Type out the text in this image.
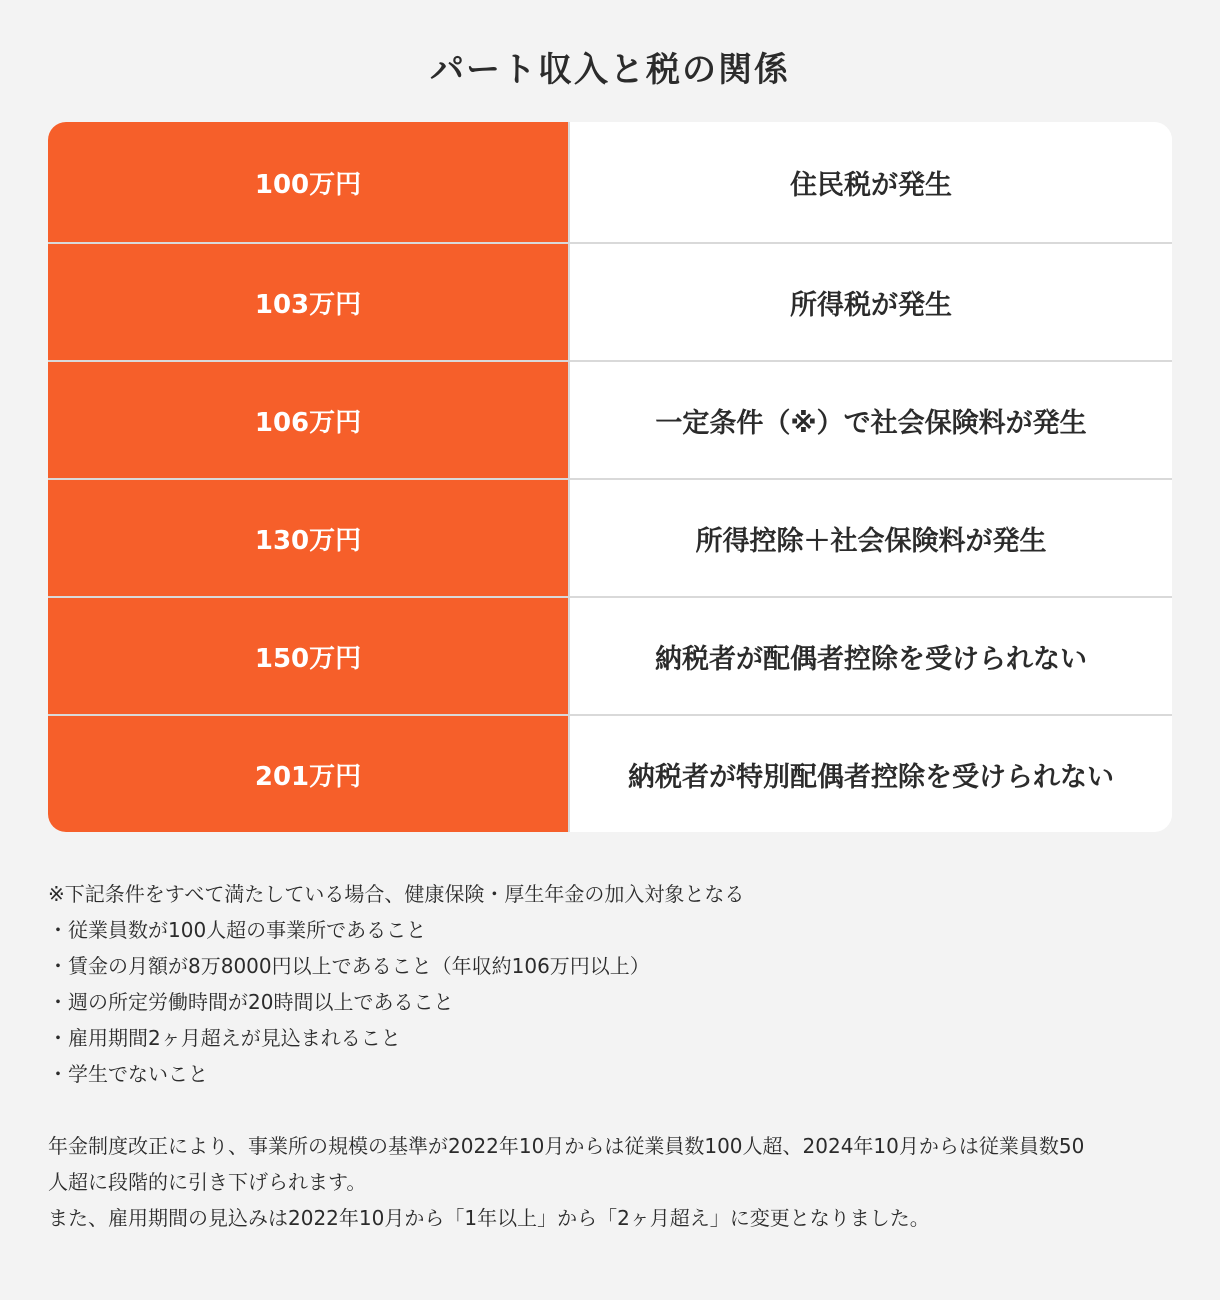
パート収入と税の関係
100万円	住民税が発生
103万円	所得税が発生
106万円	一定条件（※）で社会保険料が発生
130万円	所得控除＋社会保険料が発生
150万円	納税者が配偶者控除を受けられない
201万円	納税者が特別配偶者控除を受けられない
※下記条件をすべて満たしている場合、健康保険・厚生年金の加入対象となる
・従業員数が100人超の事業所であること
・賃金の月額が8万8000円以上であること（年収約106万円以上）
・週の所定労働時間が20時間以上であること
・雇用期間2ヶ月超えが見込まれること
・学生でないこと
年金制度改正により、事業所の規模の基準が2022年10月からは従業員数100人超、2024年10月からは従業員数50
人超に段階的に引き下げられます。
また、雇用期間の見込みは2022年10月から「1年以上」から「2ヶ月超え」に変更となりました。
